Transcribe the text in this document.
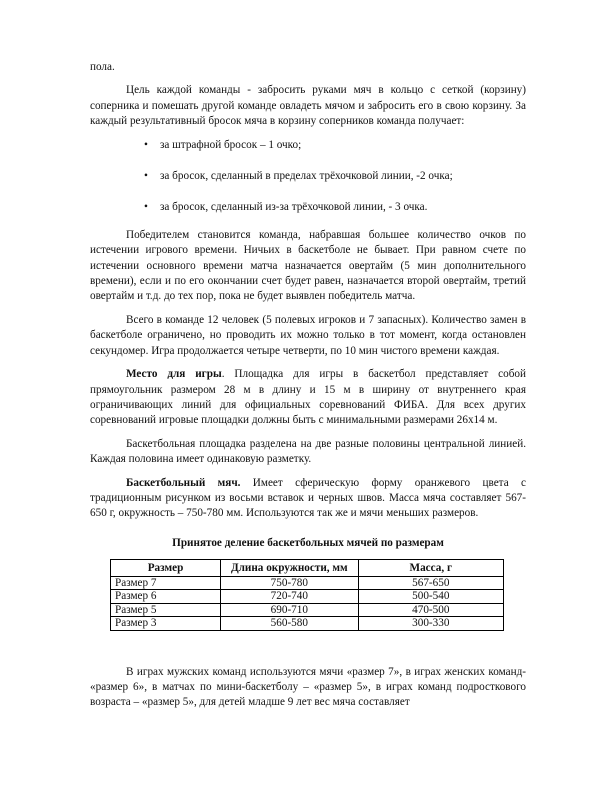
пола.

Цель каждой команды - забросить руками мяч в кольцо с сеткой (корзину) соперника и помешать другой команде овладеть мячом и забросить его в свою корзину. За каждый результативный бросок мяча в корзину соперников команда получает:

• за штрафной бросок – 1 очко;
• за бросок, сделанный в пределах трёхочковой линии, -2 очка;
• за бросок, сделанный из-за трёхочковой линии, - 3 очка.

Победителем становится команда, набравшая большее количество очков по истечении игрового времени. Ничьих в баскетболе не бывает. При равном счете по истечении основного времени матча назначается овертайм (5 мин дополнительного времени), если и по его окончании счет будет равен, назначается второй овертайм, третий овертайм и т.д. до тех пор, пока не будет выявлен победитель матча.

Всего в команде 12 человек (5 полевых игроков и 7 запасных). Количество замен в баскетболе ограничено, но проводить их можно только в тот момент, когда остановлен секундомер. Игра продолжается четыре четверти, по 10 мин чистого времени каждая.

Место для игры. Площадка для игры в баскетбол представляет собой прямоугольник размером 28 м в длину и 15 м в ширину от внутреннего края ограничивающих линий для официальных соревнований ФИБА. Для всех других соревнований игровые площадки должны быть с минимальными размерами 26х14 м.

Баскетбольная площадка разделена на две разные половины центральной линией. Каждая половина имеет одинаковую разметку.

Баскетбольный мяч. Имеет сферическую форму оранжевого цвета с традиционным рисунком из восьми вставок и черных швов. Масса мяча составляет 567-650 г, окружность – 750-780 мм. Используются так же и мячи меньших размеров.

Принятое деление баскетбольных мячей по размерам

Размер	Длина окружности, мм	Масса, г
Размер 7	750-780	567-650
Размер 6	720-740	500-540
Размер 5	690-710	470-500
Размер 3	560-580	300-330

В играх мужских команд используются мячи «размер 7», в играх женских команд- «размер 6», в матчах по мини-баскетболу – «размер 5», в играх команд подросткового возраста – «размер 5», для детей младше 9 лет вес мяча составляет
